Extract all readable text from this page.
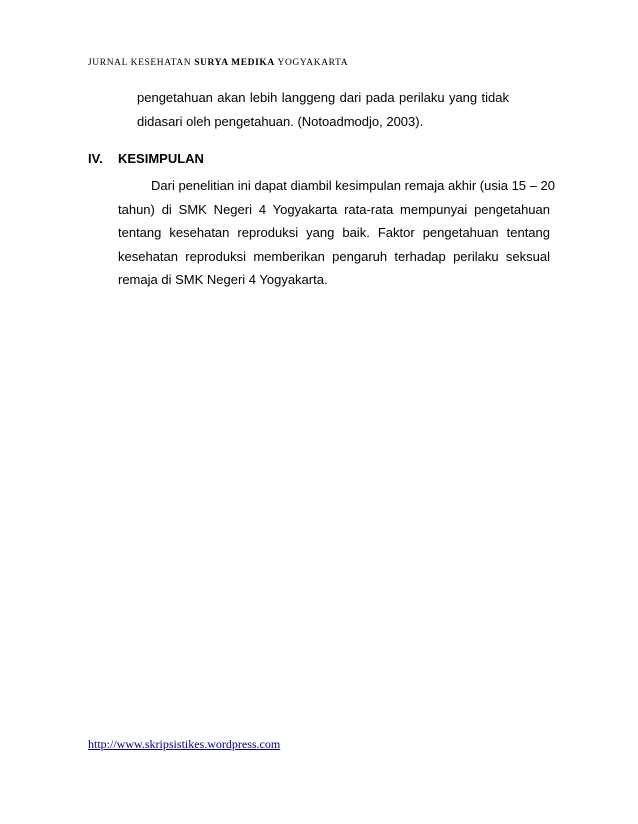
JURNAL KESEHATAN SURYA MEDIKA YOGYAKARTA
pengetahuan akan lebih langgeng dari pada perilaku yang tidak
didasari oleh pengetahuan. (Notoadmodjo, 2003).
IV. KESIMPULAN
Dari penelitian ini dapat diambil kesimpulan remaja akhir (usia 15 – 20
tahun) di SMK Negeri 4 Yogyakarta rata-rata mempunyai pengetahuan
tentang kesehatan reproduksi yang baik. Faktor pengetahuan tentang
kesehatan reproduksi memberikan pengaruh terhadap perilaku seksual
remaja di SMK Negeri 4 Yogyakarta.
http://www.skripsistikes.wordpress.com
